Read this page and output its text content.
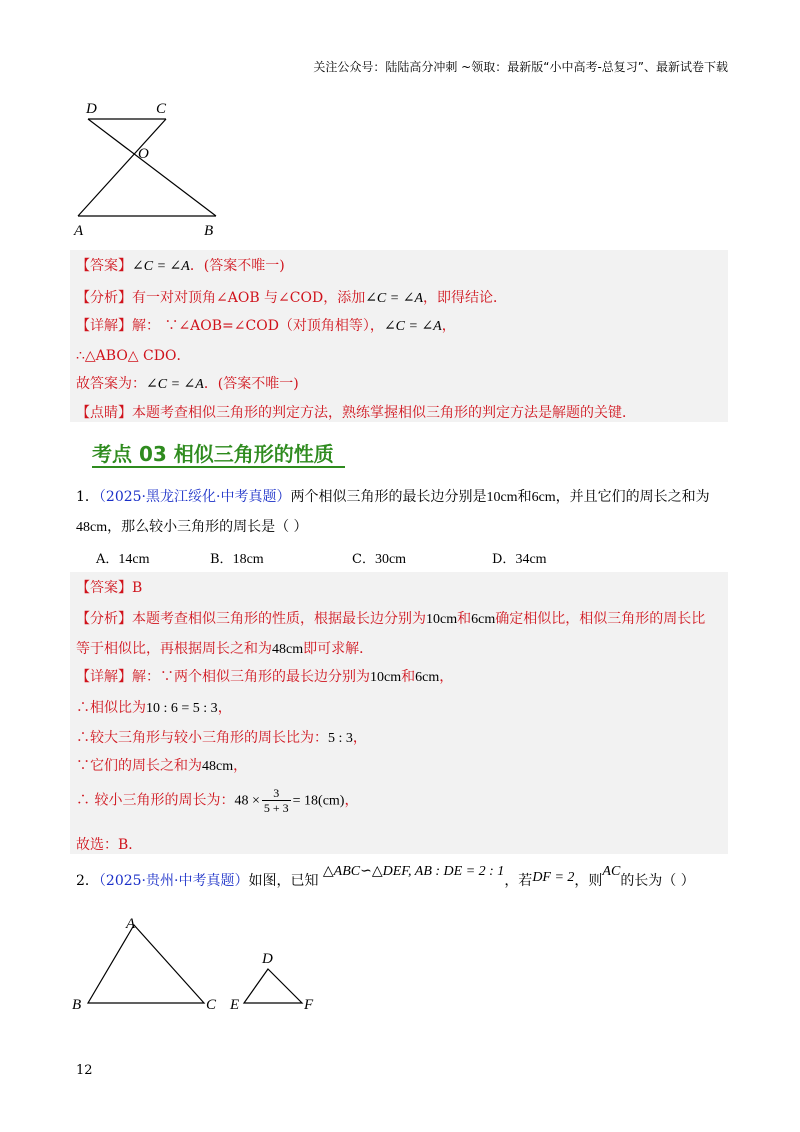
关注公众号：陆陆高分冲刺 ~领取：最新版“小中高考-总复习”、最新试卷下载
D	C
O
A	B
【答案】∠C = ∠A．(答案不唯一)
【分析】有一对对顶角∠AOB 与∠COD，添加∠C = ∠A，即得结论．
【详解】解： ∵∠AOB=∠COD（对顶角相等），∠C = ∠A，
∴△ABO△ CDO．
故答案为：∠C = ∠A．(答案不唯一)
【点睛】本题考查相似三角形的判定方法，熟练掌握相似三角形的判定方法是解题的关键．
考点 03 相似三角形的性质
1．（2025·黑龙江绥化·中考真题）两个相似三角形的最长边分别是10cm和6cm，并且它们的周长之和为
48cm，那么较小三角形的周长是（ ）
A．14cm	B．18cm	C．30cm	D．34cm
【答案】B
【分析】本题考查相似三角形的性质，根据最长边分别为10cm和6cm确定相似比，相似三角形的周长比
等于相似比，再根据周长之和为48cm即可求解．
【详解】解：∵两个相似三角形的最长边分别为10cm和6cm，
∴相似比为10 : 6 = 5 : 3，
∴较大三角形与较小三角形的周长比为：5 : 3，
∵它们的周长之和为48cm，
∴ 较小三角形的周长为：$48 \times \frac{3}{5 + 3} = 18(cm)$，
故选：B．
2．（2025·贵州·中考真题）如图，已知 △ABC∽△DEF, AB : DE = 2 : 1，若DF = 2，则AC的长为（ ）
A
B	C
D
E	F
12
